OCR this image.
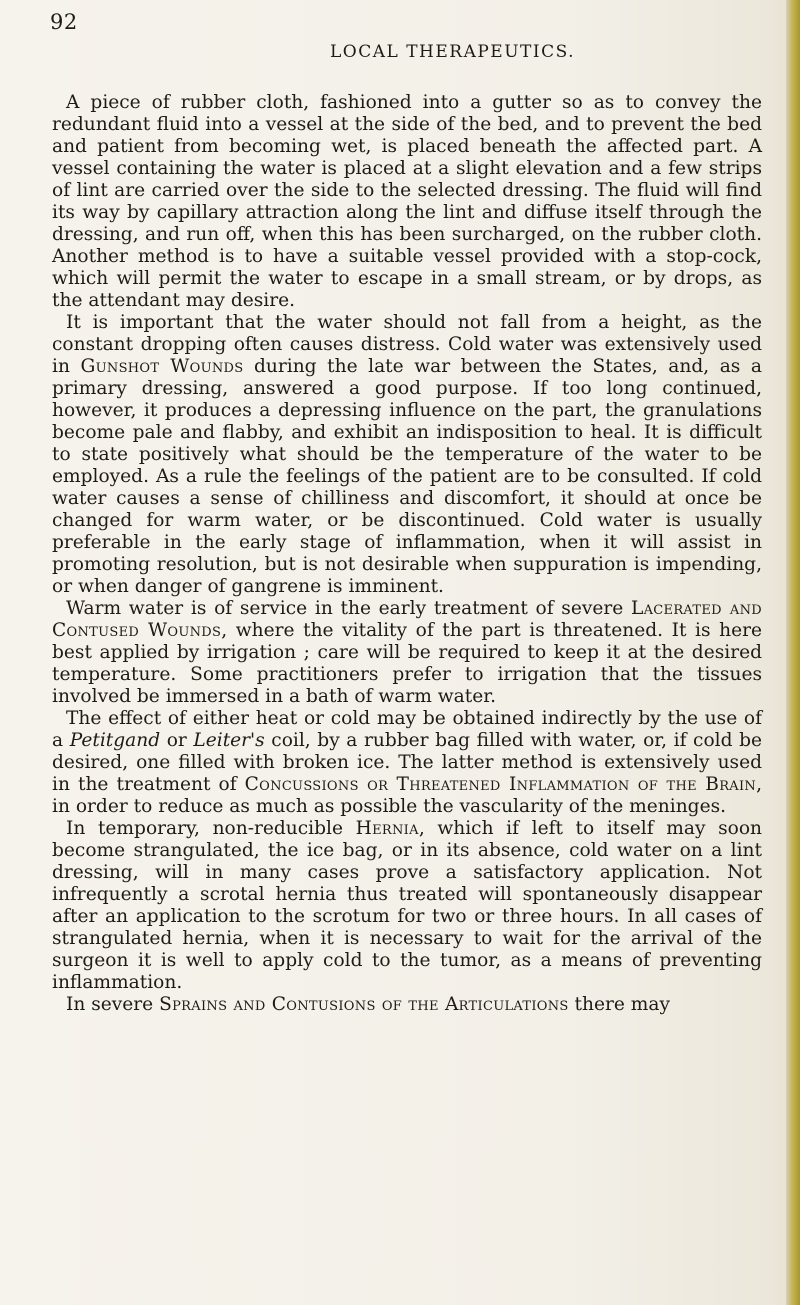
92
LOCAL THERAPEUTICS.

A piece of rubber cloth, fashioned into a gutter so as to convey the redundant fluid into a vessel at the side of the bed, and to prevent the bed and patient from becoming wet, is placed beneath the affected part. A vessel containing the water is placed at a slight elevation and a few strips of lint are carried over the side to the selected dressing. The fluid will find its way by capillary attraction along the lint and diffuse itself through the dressing, and run off, when this has been surcharged, on the rubber cloth. Another method is to have a suitable vessel provided with a stop-cock, which will permit the water to escape in a small stream, or by drops, as the attendant may desire.

It is important that the water should not fall from a height, as the constant dropping often causes distress. Cold water was extensively used in Gunshot Wounds during the late war between the States, and, as a primary dressing, answered a good purpose. If too long continued, however, it produces a depressing influence on the part, the granulations become pale and flabby, and exhibit an indisposition to heal. It is difficult to state positively what should be the temperature of the water to be employed. As a rule the feelings of the patient are to be consulted. If cold water causes a sense of chilliness and discomfort, it should at once be changed for warm water, or be discontinued. Cold water is usually preferable in the early stage of inflammation, when it will assist in promoting resolution, but is not desirable when suppuration is impending, or when danger of gangrene is imminent.

Warm water is of service in the early treatment of severe Lacerated and Contused Wounds, where the vitality of the part is threatened. It is here best applied by irrigation ; care will be required to keep it at the desired temperature. Some practitioners prefer to irrigation that the tissues involved be immersed in a bath of warm water.

The effect of either heat or cold may be obtained indirectly by the use of a Petitgand or Leiter's coil, by a rubber bag filled with water, or, if cold be desired, one filled with broken ice. The latter method is extensively used in the treatment of Concussions or Threatened Inflammation of the Brain, in order to reduce as much as possible the vascularity of the meninges.

In temporary, non-reducible Hernia, which if left to itself may soon become strangulated, the ice bag, or in its absence, cold water on a lint dressing, will in many cases prove a satisfactory application. Not infrequently a scrotal hernia thus treated will spontaneously disappear after an application to the scrotum for two or three hours. In all cases of strangulated hernia, when it is necessary to wait for the arrival of the surgeon it is well to apply cold to the tumor, as a means of preventing inflammation.

In severe Sprains and Contusions of the Articulations there may
